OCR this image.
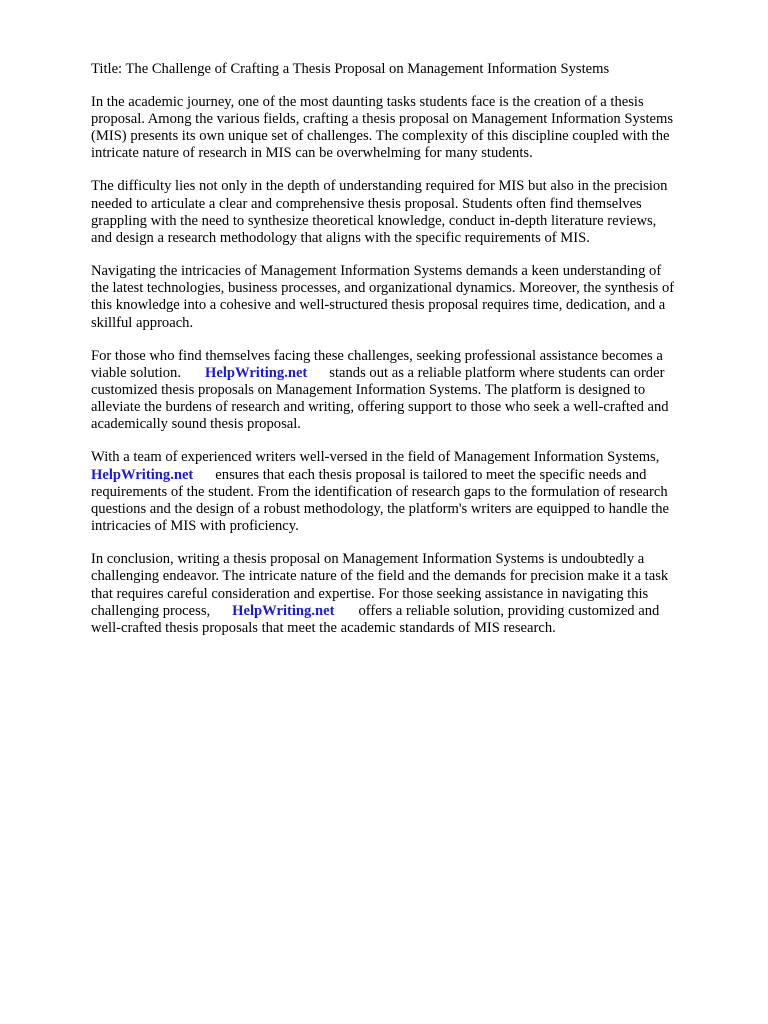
Title: The Challenge of Crafting a Thesis Proposal on Management Information Systems

In the academic journey, one of the most daunting tasks students face is the creation of a thesis

proposal. Among the various fields, crafting a thesis proposal on Management Information Systems

(MIS) presents its own unique set of challenges. The complexity of this discipline coupled with the

intricate nature of research in MIS can be overwhelming for many students.

The difficulty lies not only in the depth of understanding required for MIS but also in the precision

needed to articulate a clear and comprehensive thesis proposal. Students often find themselves

grappling with the need to synthesize theoretical knowledge, conduct in-depth literature reviews,

and design a research methodology that aligns with the specific requirements of MIS.

Navigating the intricacies of Management Information Systems demands a keen understanding of

the latest technologies, business processes, and organizational dynamics. Moreover, the synthesis of

this knowledge into a cohesive and well-structured thesis proposal requires time, dedication, and a

skillful approach.

For those who find themselves facing these challenges, seeking professional assistance becomes a

viable solution. HelpWriting.net stands out as a reliable platform where students can order

customized thesis proposals on Management Information Systems. The platform is designed to

alleviate the burdens of research and writing, offering support to those who seek a well-crafted and

academically sound thesis proposal.

With a team of experienced writers well-versed in the field of Management Information Systems,

HelpWriting.net ensures that each thesis proposal is tailored to meet the specific needs and

requirements of the student. From the identification of research gaps to the formulation of research

questions and the design of a robust methodology, the platform's writers are equipped to handle the

intricacies of MIS with proficiency.

In conclusion, writing a thesis proposal on Management Information Systems is undoubtedly a

challenging endeavor. The intricate nature of the field and the demands for precision make it a task

that requires careful consideration and expertise. For those seeking assistance in navigating this

challenging process, HelpWriting.net offers a reliable solution, providing customized and

well-crafted thesis proposals that meet the academic standards of MIS research.
